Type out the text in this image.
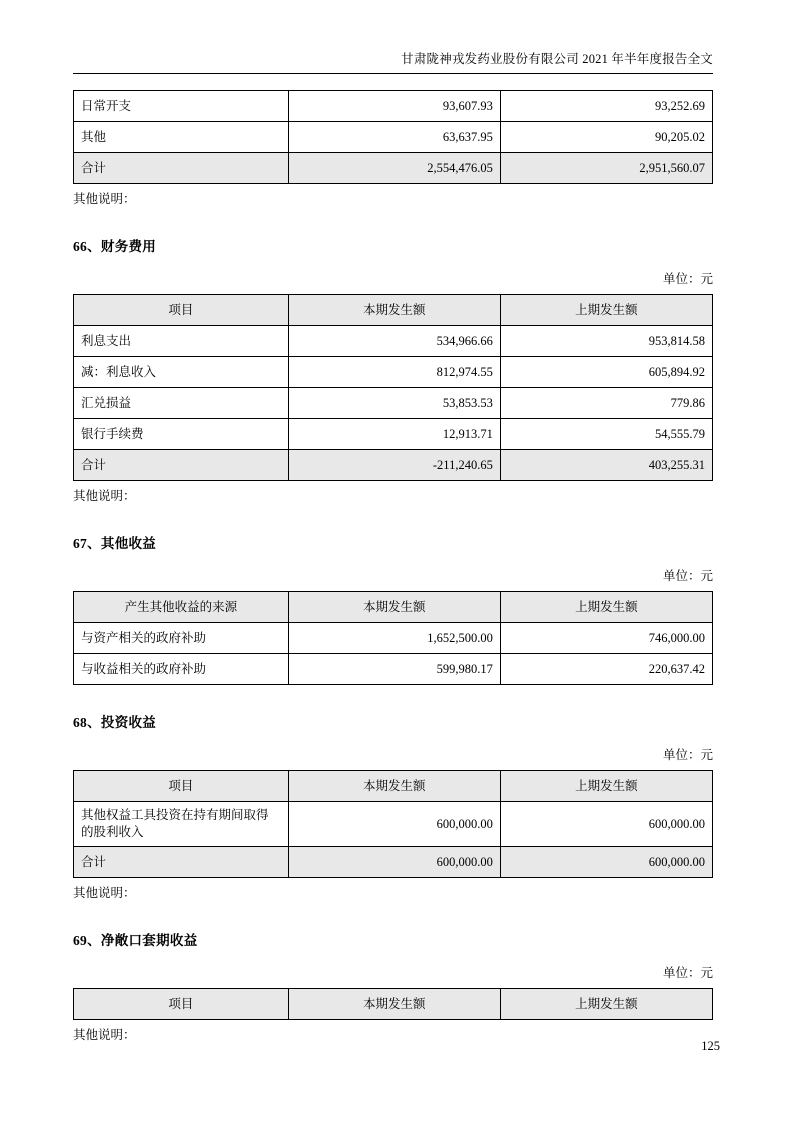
甘肃陇神戎发药业股份有限公司 2021 年半年度报告全文
日常开支	93,607.93	93,252.69
其他	63,637.95	90,205.02
合计	2,554,476.05	2,951,560.07

其他说明：

66、财务费用
单位：元
项目	本期发生额	上期发生额
利息支出	534,966.66	953,814.58
减：利息收入	812,974.55	605,894.92
汇兑损益	53,853.53	779.86
银行手续费	12,913.71	54,555.79
合计	-211,240.65	403,255.31

其他说明：

67、其他收益
单位：元
产生其他收益的来源	本期发生额	上期发生额
与资产相关的政府补助	1,652,500.00	746,000.00
与收益相关的政府补助	599,980.17	220,637.42
68、投资收益
单位：元
项目	本期发生额	上期发生额
其他权益工具投资在持有期间取得的股利收入	600,000.00	600,000.00
合计	600,000.00	600,000.00

其他说明：

69、净敞口套期收益
单位：元
项目	本期发生额	上期发生额

其他说明：

125
